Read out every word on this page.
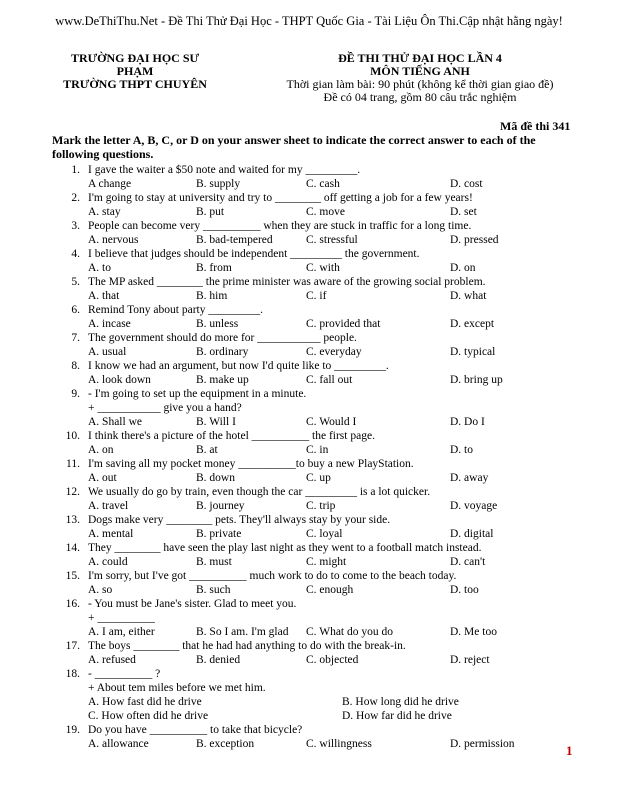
www.DeThiThu.Net - Đề Thi Thử Đại Học - THPT Quốc Gia - Tài Liệu Ôn Thi.Cập nhật hằng ngày!
TRƯỜNG ĐẠI HỌC SƯ
PHẠM
TRƯỜNG THPT CHUYÊN
ĐỀ THI THỬ ĐẠI HỌC LẦN 4
MÔN TIẾNG ANH
Thời gian làm bài: 90 phút (không kể thời gian giao đề)
Đề có 04 trang, gồm 80 câu trắc nghiệm
Mã đề thi 341
Mark the letter A, B, C, or D on your answer sheet to indicate the correct answer to each of the following questions.
1. I gave the waiter a $50 note and waited for my _________.
A change	B. supply	C. cash	D. cost
2. I'm going to stay at university and try to ________ off getting a job for a few years!
A. stay	B. put	C. move	D. set
3. People can become very __________ when they are stuck in traffic for a long time.
A. nervous	B. bad-tempered	C. stressful	D. pressed
4. I believe that judges should be independent _________ the government.
A. to	B. from	C. with	D. on
5. The MP asked ________ the prime minister was aware of the growing social problem.
A. that	B. him	C. if	D. what
6. Remind Tony about party _________.
A. incase	B. unless	C. provided that	D. except
7. The government should do more for ___________ people.
A. usual	B. ordinary	C. everyday	D. typical
8. I know we had an argument, but now I'd quite like to _________.
A. look down	B. make up	C. fall out	D. bring up
9. - I'm going to set up the equipment in a minute.
+ ___________ give you a hand?
A. Shall we	B. Will I	C. Would I	D. Do I
10. I think there's a picture of the hotel __________ the first page.
A. on	B. at	C. in	D. to
11. I'm saving all my pocket money __________to buy a new PlayStation.
A. out	B. down	C. up	D. away
12. We usually do go by train, even though the car _________ is a lot quicker.
A. travel	B. journey	C. trip	D. voyage
13. Dogs make very ________ pets. They'll always stay by your side.
A. mental	B. private	C. loyal	D. digital
14. They ________ have seen the play last night as they went to a football match instead.
A. could	B. must	C. might	D. can't
15. I'm sorry, but I've got __________ much work to do to come to the beach today.
A. so	B. such	C. enough	D. too
16. - You must be Jane's sister. Glad to meet you.
+ __________
A. I am, either	B. So I am. I'm glad C. What do you do	D. Me too
17. The boys ________ that he had had anything to do with the break-in.
A. refused	B. denied	C. objected	D. reject
18. - __________ ?
+ About tem miles before we met him.
A. How fast did he drive	B. How long did he drive
C. How often did he drive	D. How far did he drive
19. Do you have __________ to take that bicycle?
A. allowance	B. exception	C. willingness	D. permission	1
